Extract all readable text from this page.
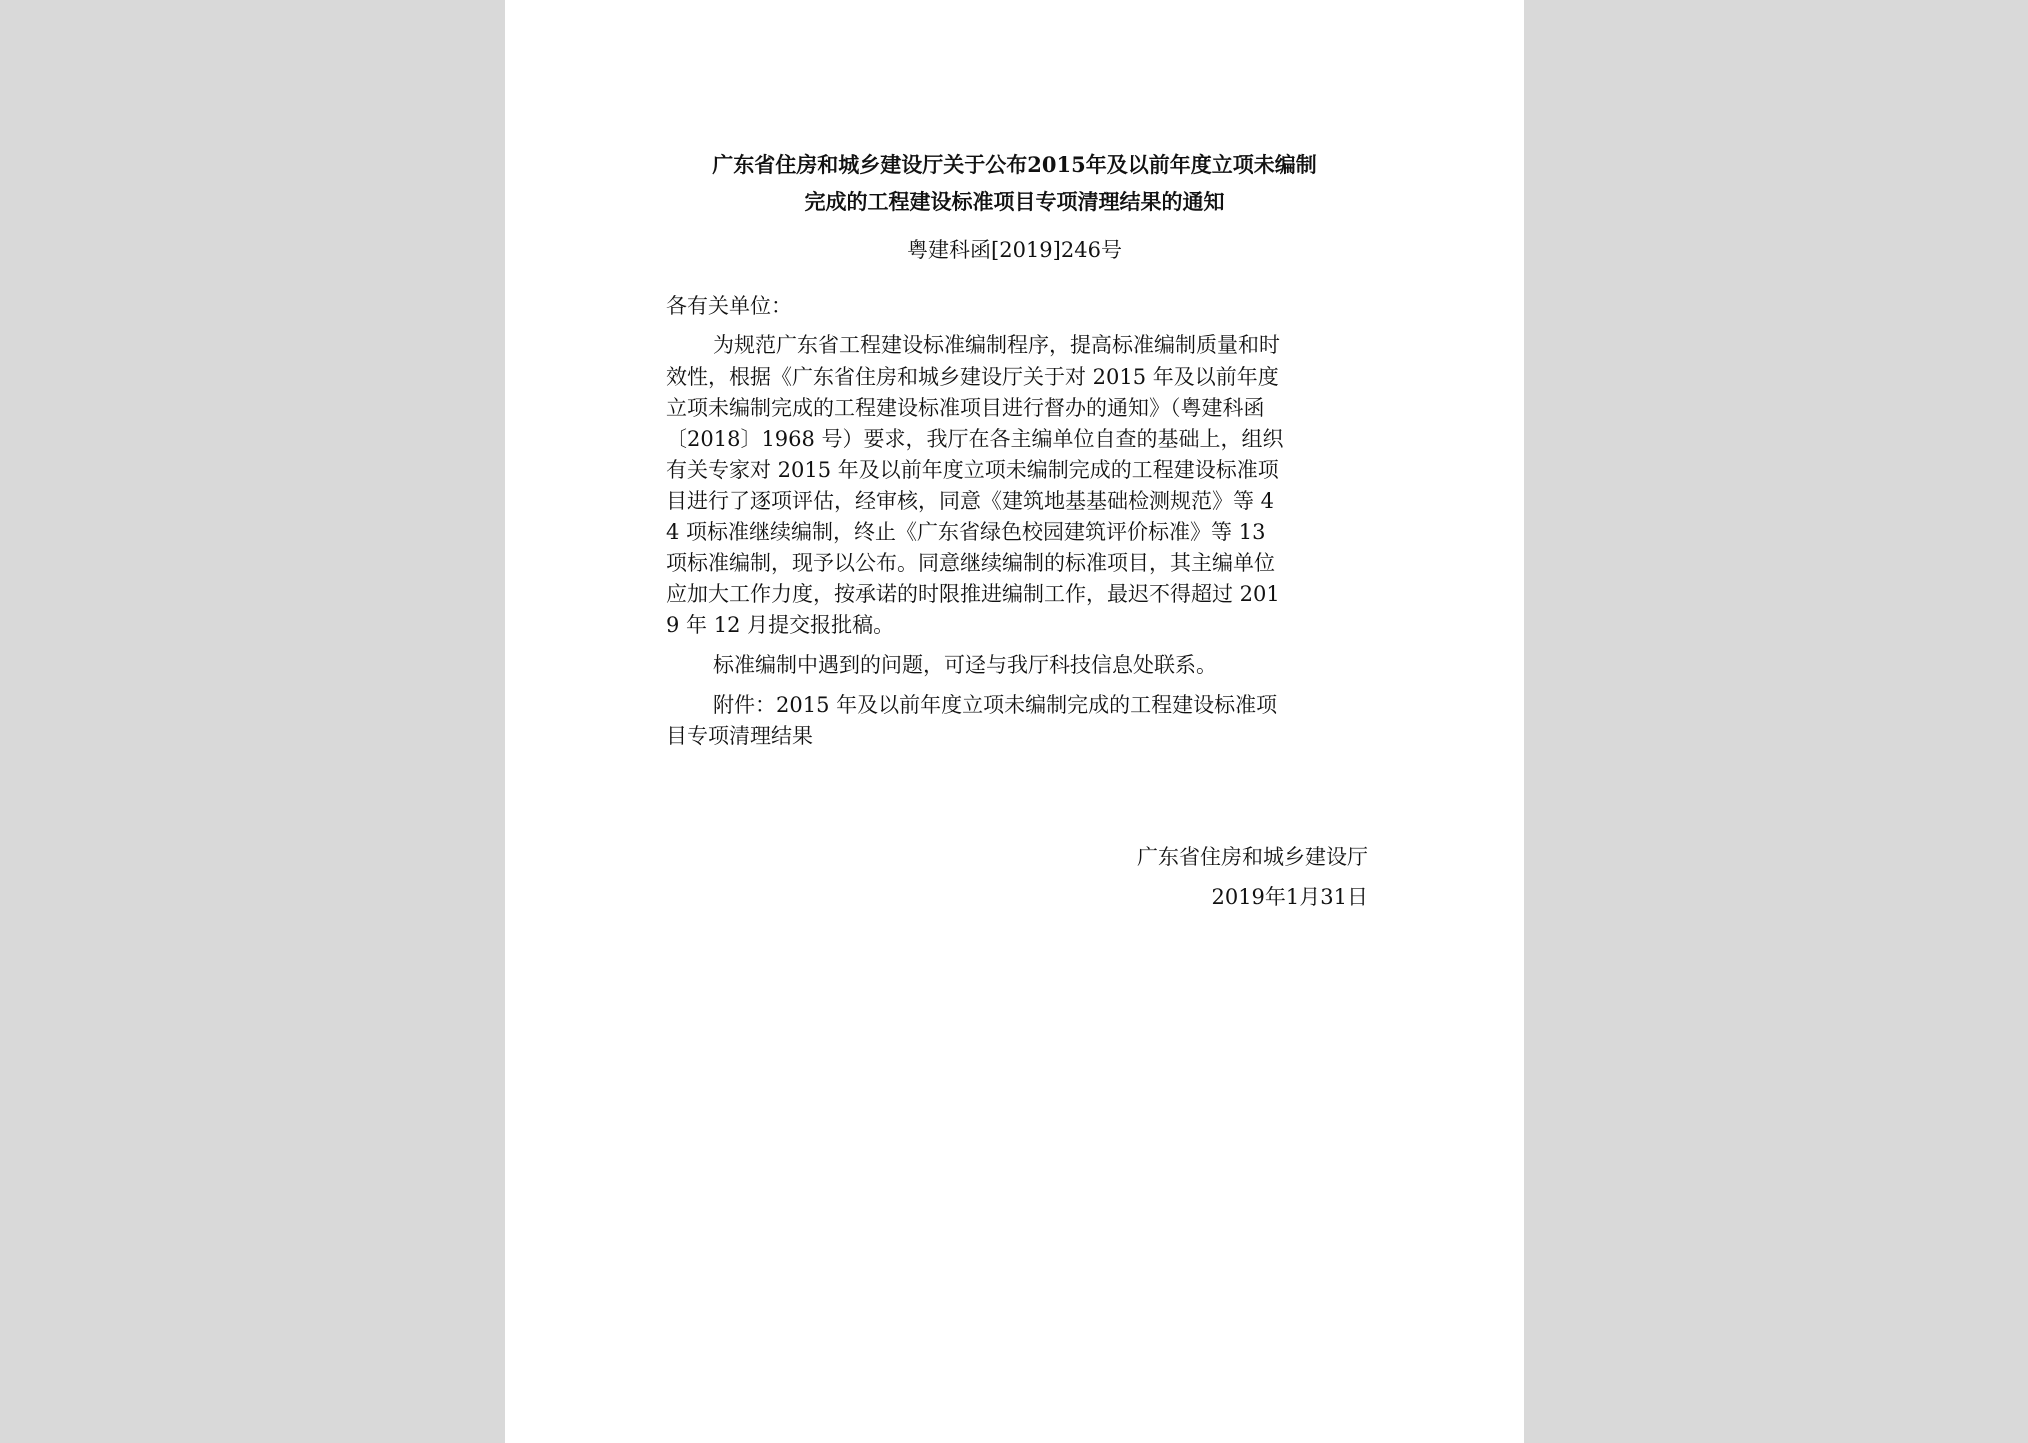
广东省住房和城乡建设厅关于公布2015年及以前年度立项未编制
完成的工程建设标准项目专项清理结果的通知
粤建科函[2019]246号
各有关单位：
为规范广东省工程建设标准编制程序，提高标准编制质量和时
效性，根据《广东省住房和城乡建设厅关于对 2015 年及以前年度
立项未编制完成的工程建设标准项目进行督办的通知》（粤建科函
〔2018〕1968 号）要求，我厅在各主编单位自查的基础上，组织
有关专家对 2015 年及以前年度立项未编制完成的工程建设标准项
目进行了逐项评估，经审核，同意《建筑地基基础检测规范》等 4
4 项标准继续编制，终止《广东省绿色校园建筑评价标准》等 13
项标准编制，现予以公布。同意继续编制的标准项目，其主编单位
应加大工作力度，按承诺的时限推进编制工作，最迟不得超过 201
9 年 12 月提交报批稿。
标准编制中遇到的问题，可迳与我厅科技信息处联系。
附件：2015 年及以前年度立项未编制完成的工程建设标准项
目专项清理结果
广东省住房和城乡建设厅
2019年1月31日
